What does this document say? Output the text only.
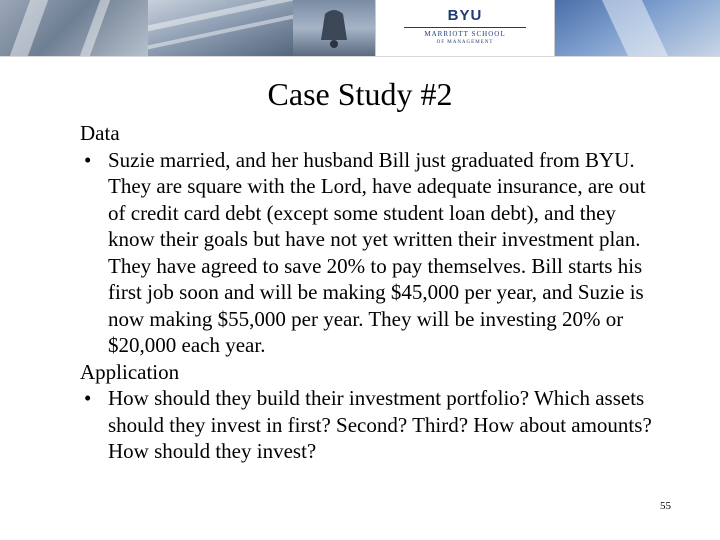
BYU
MARRIOTT SCHOOL
OF MANAGEMENT
Case Study #2

Data

• Suzie married, and her husband Bill just graduated from BYU. They are square with the Lord, have adequate insurance, are out of credit card debt (except some student loan debt), and they know their goals but have not yet written their investment plan. They have agreed to save 20% to pay themselves. Bill starts his first job soon and will be making $45,000 per year, and Suzie is now making $55,000 per year. They will be investing 20% or $20,000 each year.

Application

• How should they build their investment portfolio? Which assets should they invest in first? Second? Third? How about amounts? How should they invest?
55
